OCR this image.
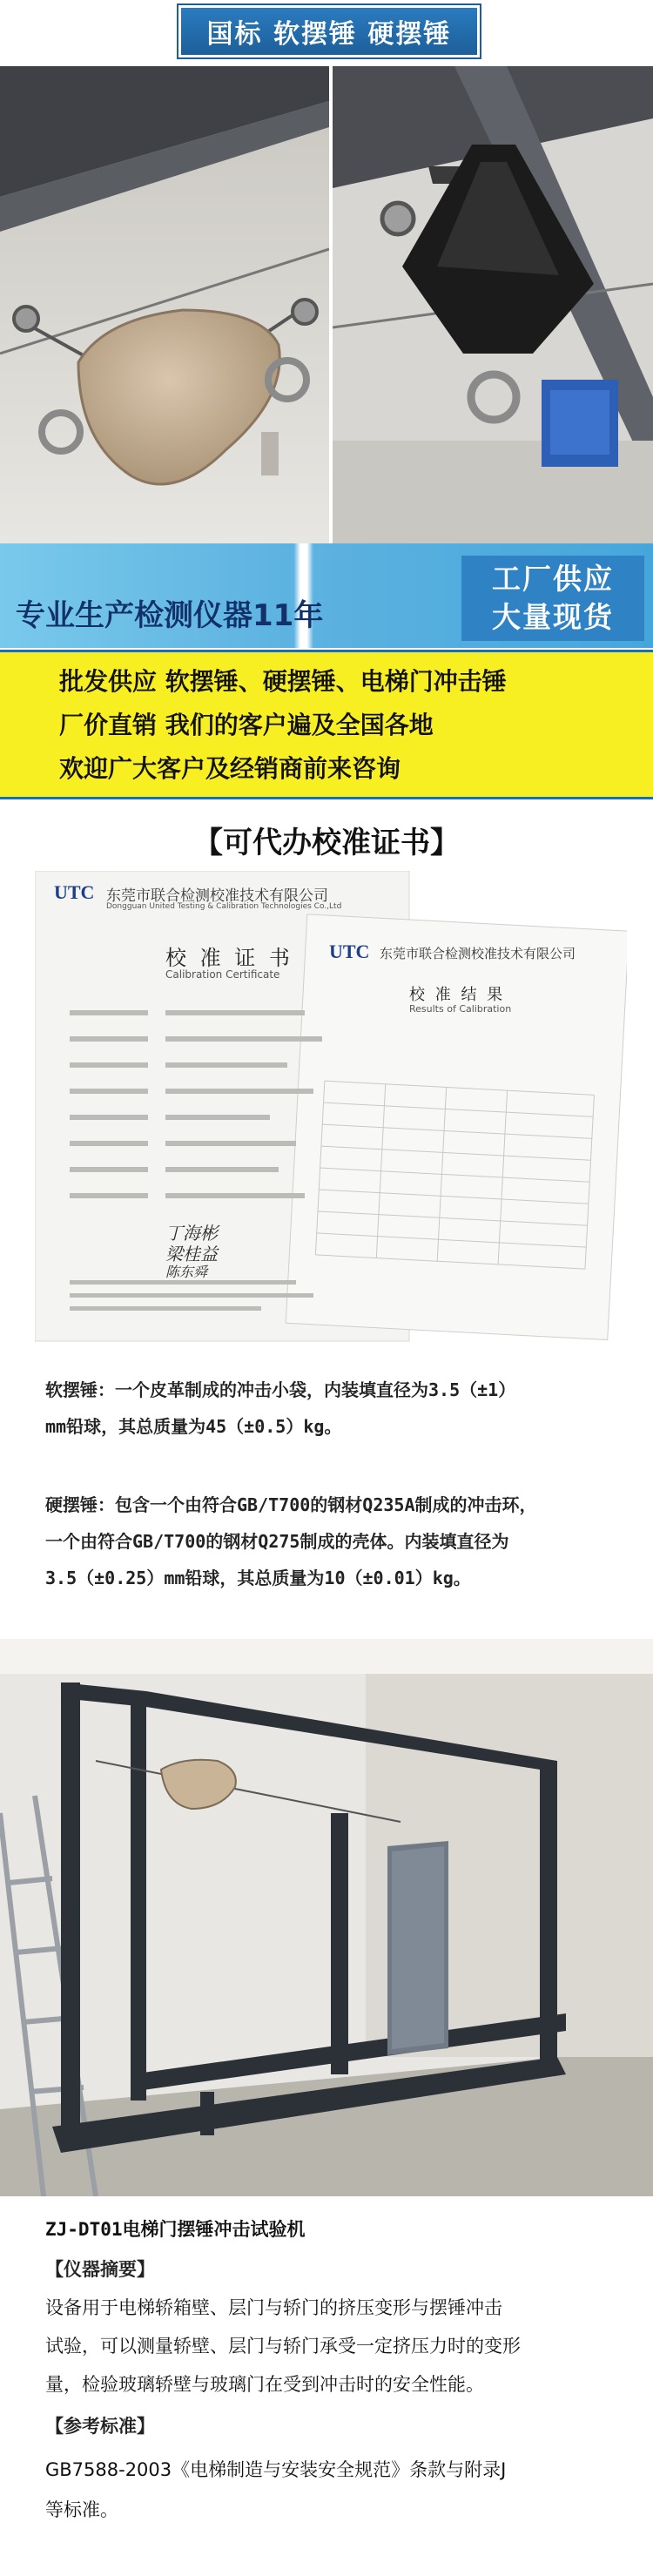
国标 软摆锤 硬摆锤
专业生产检测仪器11年
工厂供应
大量现货
批发供应 软摆锤、硬摆锤、电梯门冲击锤
厂价直销 我们的客户遍及全国各地
欢迎广大客户及经销商前来咨询
【可代办校准证书】
UTC 东莞市联合检测校准技术有限公司
Dongguan United Testing & Calibration Technologies Co.,Ltd
校 准 证 书
Calibration Certificate
丁海彬
梁桂益
陈东舜
UTC 东莞市联合检测校准技术有限公司
校 准 结 果
Results of Calibration
软摆锤：一个皮革制成的冲击小袋，内装填直径为3.5（±1）
mm铅球，其总质量为45（±0.5）kg。
硬摆锤：包含一个由符合GB/T700的钢材Q235A制成的冲击环，
一个由符合GB/T700的钢材Q275制成的壳体。内装填直径为
3.5（±0.25）mm铅球，其总质量为10（±0.01）kg。
ZJ-DT01电梯门摆锤冲击试验机
【仪器摘要】
设备用于电梯轿箱壁、层门与轿门的挤压变形与摆锤冲击
试验，可以测量轿壁、层门与轿门承受一定挤压力时的变形
量，检验玻璃轿壁与玻璃门在受到冲击时的安全性能。
【参考标准】
GB7588-2003《电梯制造与安装安全规范》条款与附录J
等标准。
